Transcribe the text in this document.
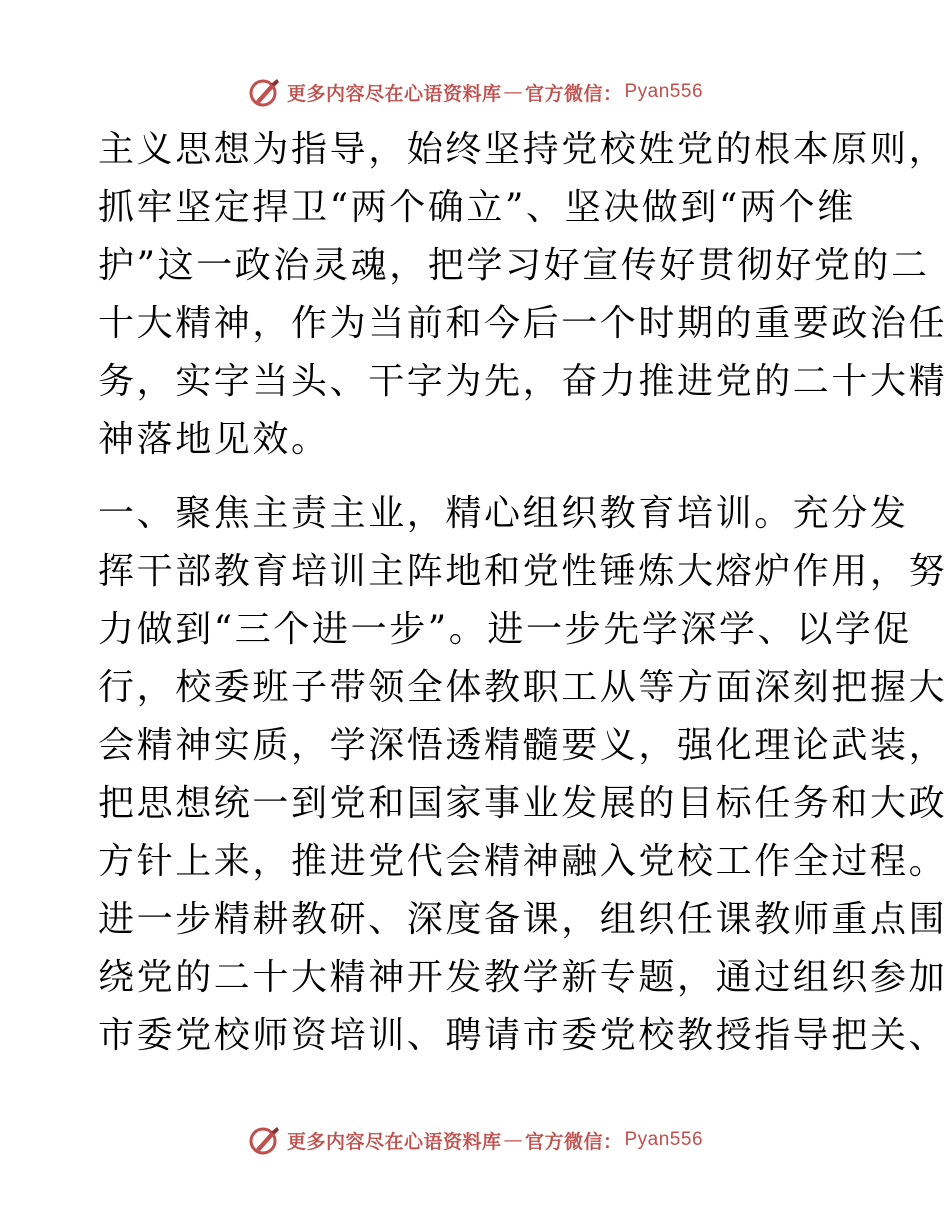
更多内容尽在心语资料库 — 官方微信： Pyan556
主义思想为指导，始终坚持党校姓党的根本原则，
抓牢坚定捍卫“两个确立”、坚决做到“两个维
护”这一政治灵魂，把学习好宣传好贯彻好党的二
十大精神，作为当前和今后一个时期的重要政治任
务，实字当头、干字为先，奋力推进党的二十大精
神落地见效。
一、聚焦主责主业，精心组织教育培训。充分发
挥干部教育培训主阵地和党性锤炼大熔炉作用，努
力做到“三个进一步”。进一步先学深学、以学促
行，校委班子带领全体教职工从等方面深刻把握大
会精神实质，学深悟透精髓要义，强化理论武装，
把思想统一到党和国家事业发展的目标任务和大政
方针上来，推进党代会精神融入党校工作全过程。
进一步精耕教研、深度备课，组织任课教师重点围
绕党的二十大精神开发教学新专题，通过组织参加
市委党校师资培训、聘请市委党校教授指导把关、
更多内容尽在心语资料库 — 官方微信： Pyan556
